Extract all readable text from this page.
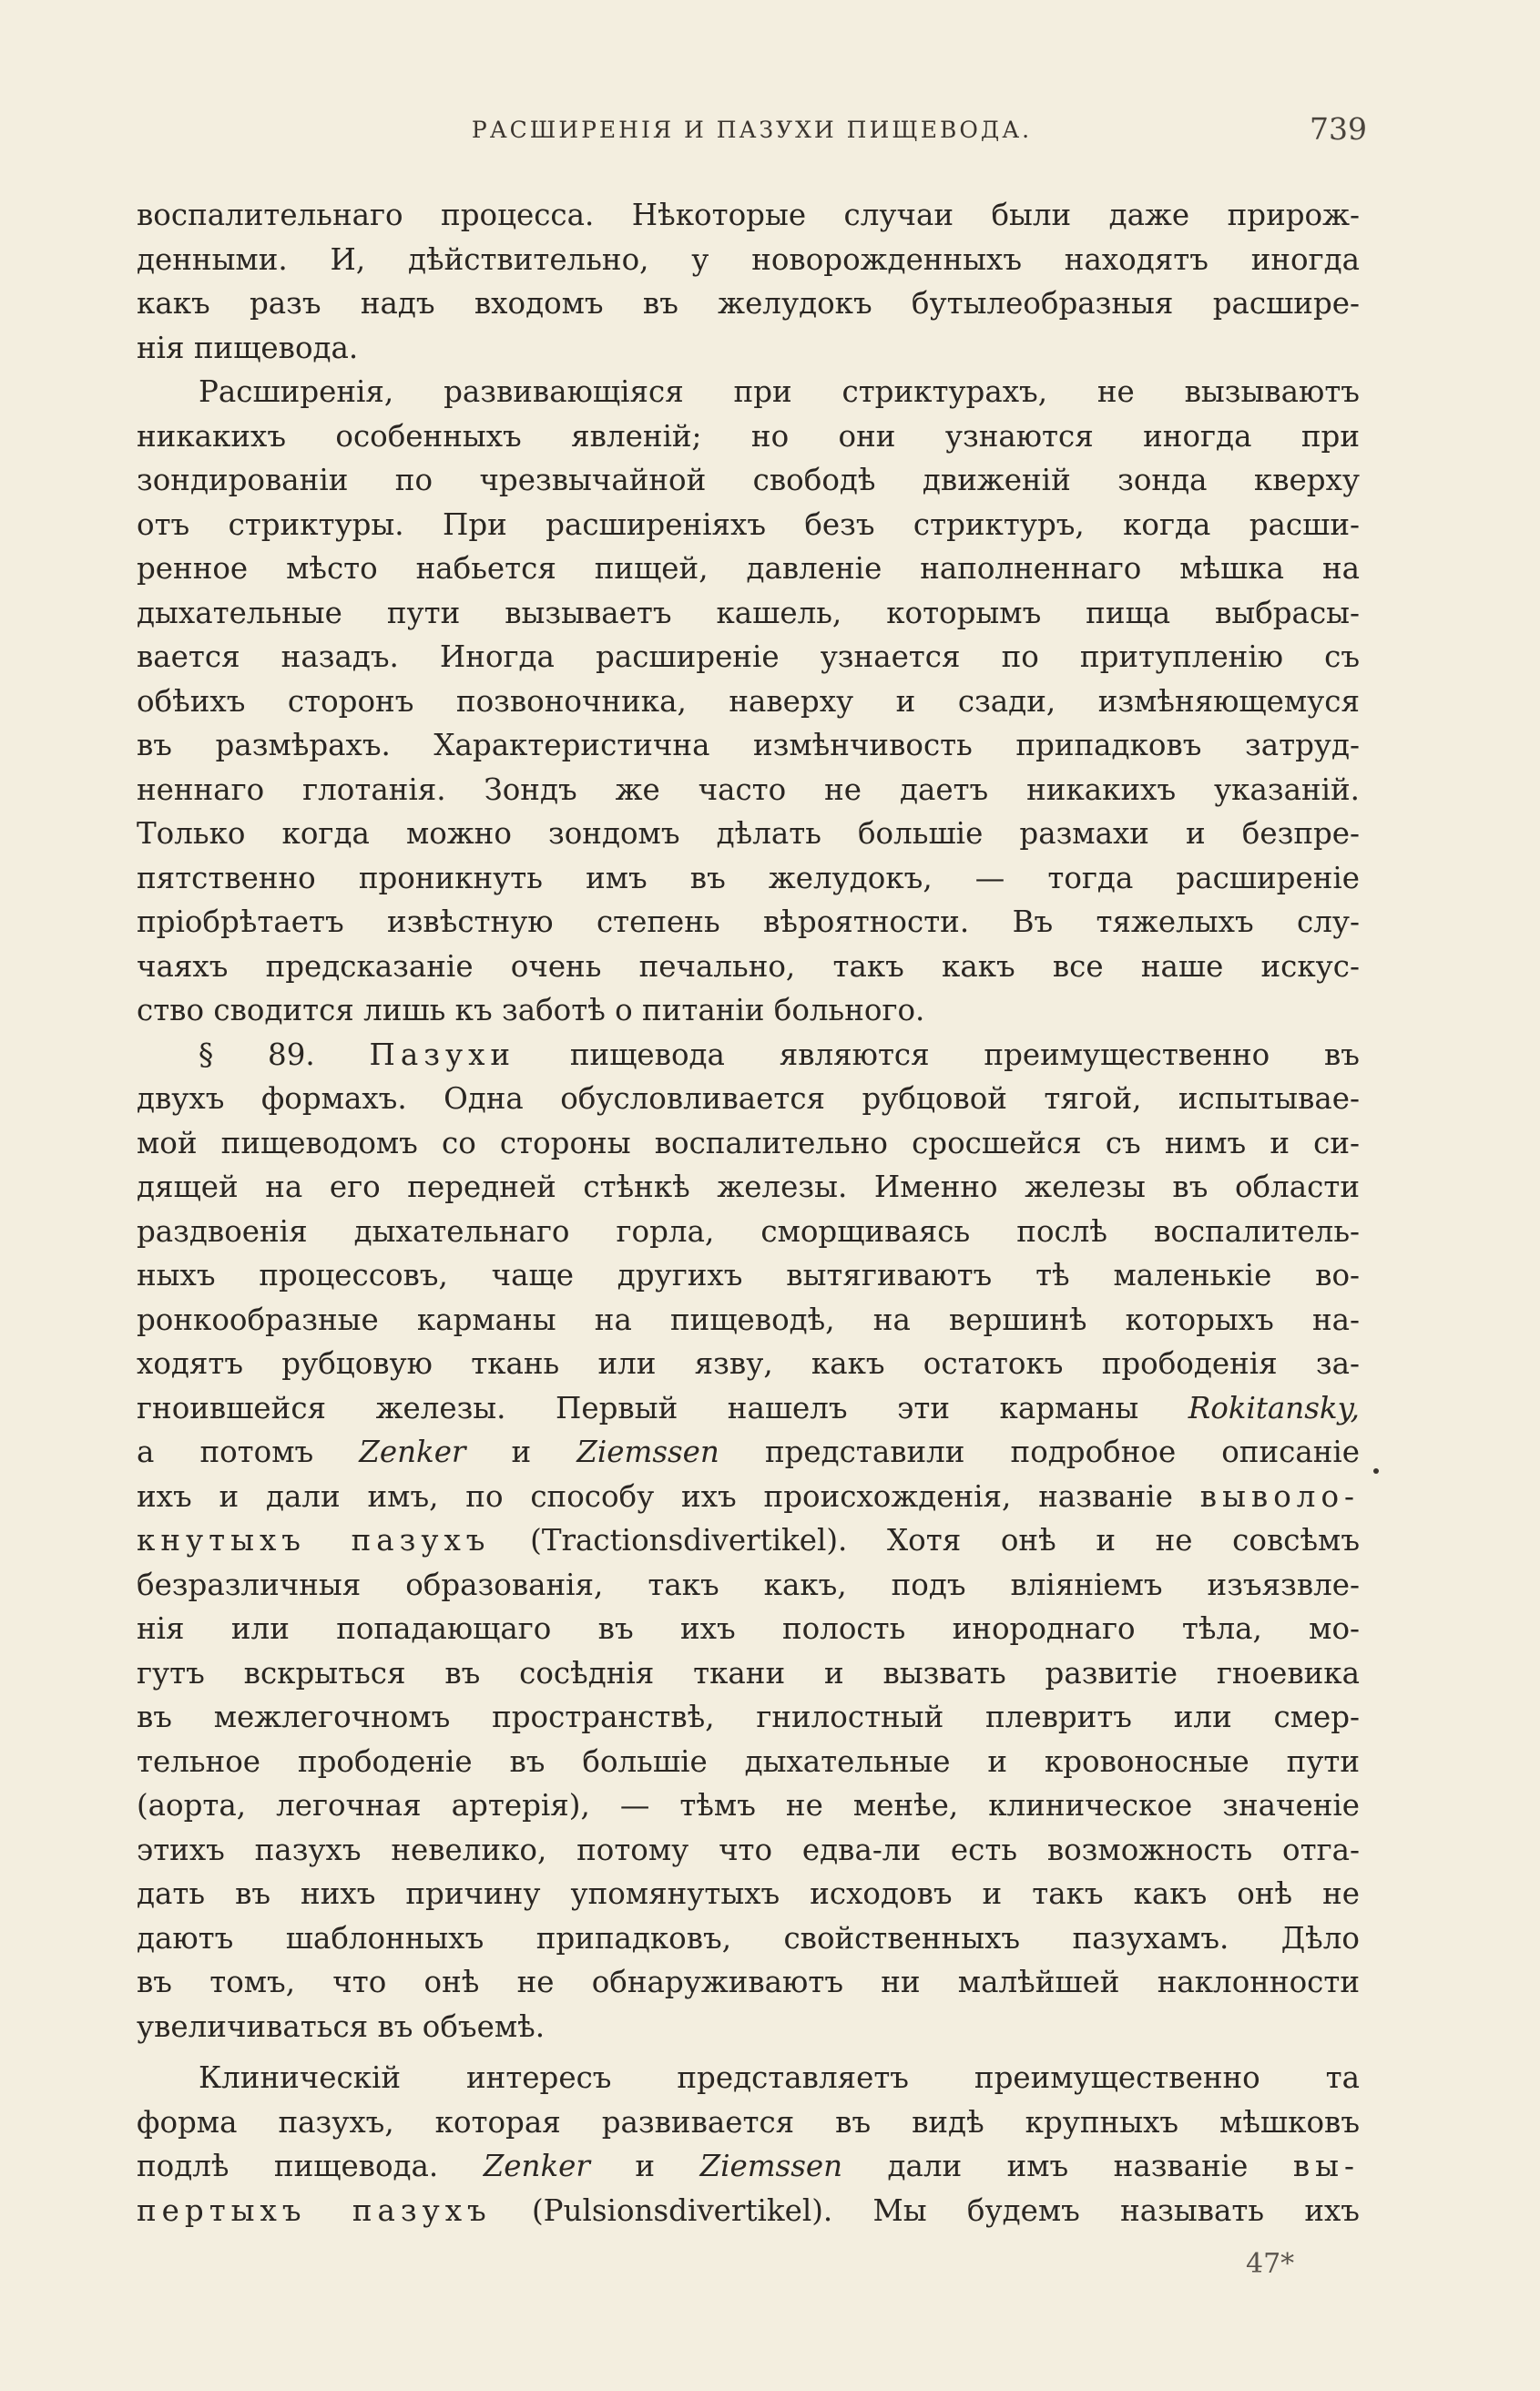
РАСШИРЕНІЯ И ПАЗУХИ ПИЩЕВОДА.	739

воспалительнаго процесса. Нѣкоторые случаи были даже прирож-
денными. И, дѣйствительно, у новорожденныхъ находятъ иногда
какъ разъ надъ входомъ въ желудокъ бутылеобразныя расшире-
нія пищевода.

Расширенія, развивающіяся при стриктурахъ, не вызываютъ
никакихъ особенныхъ явленій; но они узнаются иногда при
зондированіи по чрезвычайной свободѣ движеній зонда кверху
отъ стриктуры. При расширеніяхъ безъ стриктуръ, когда расши-
ренное мѣсто набьется пищей, давленіе наполненнаго мѣшка на
дыхательные пути вызываетъ кашель, которымъ пища выбрасы-
вается назадъ. Иногда расширеніе узнается по притупленію съ
обѣихъ сторонъ позвоночника, наверху и сзади, измѣняющемуся
въ размѣрахъ. Характеристична измѣнчивость припадковъ затруд-
неннаго глотанія. Зондъ же часто не даетъ никакихъ указаній.
Только когда можно зондомъ дѣлать большіе размахи и безпре-
пятственно проникнуть имъ въ желудокъ, — тогда расширеніе
пріобрѣтаетъ извѣстную степень вѣроятности. Въ тяжелыхъ слу-
чаяхъ предсказаніе очень печально, такъ какъ все наше искус-
ство сводится лишь къ заботѣ о питаніи больного.

§ 89. Пазухи пищевода являются преимущественно въ
двухъ формахъ. Одна обусловливается рубцовой тягой, испытывае-
мой пищеводомъ со стороны воспалительно сросшейся съ нимъ и си-
дящей на его передней стѣнкѣ железы. Именно железы въ области
раздвоенія дыхательнаго горла, сморщиваясь послѣ воспалитель-
ныхъ процессовъ, чаще другихъ вытягиваютъ тѣ маленькіе во-
ронкообразные карманы на пищеводѣ, на вершинѣ которыхъ на-
ходятъ рубцовую ткань или язву, какъ остатокъ прободенія за-
гноившейся железы. Первый нашелъ эти карманы Rokitansky,
а потомъ Zenker и Ziemssen представили подробное описаніе
ихъ и дали имъ, по способу ихъ происхожденія, названіе выволо-
кнутыхъ пазухъ (Tractionsdivertikel). Хотя онѣ и не совсѣмъ
безразличныя образованія, такъ какъ, подъ вліяніемъ изъязвле-
нія или попадающаго въ ихъ полость инороднаго тѣла, мо-
гутъ вскрыться въ сосѣднія ткани и вызвать развитіе гноевика
въ межлегочномъ пространствѣ, гнилостный плевритъ или смер-
тельное прободеніе въ большіе дыхательные и кровоносные пути
(аорта, легочная артерія), — тѣмъ не менѣе, клиническое значеніе
этихъ пазухъ невелико, потому что едва-ли есть возможность отга-
дать въ нихъ причину упомянутыхъ исходовъ и такъ какъ онѣ не
даютъ шаблонныхъ припадковъ, свойственныхъ пазухамъ. Дѣло
въ томъ, что онѣ не обнаруживаютъ ни малѣйшей наклонности
увеличиваться въ объемѣ.

Клиническій интересъ представляетъ преимущественно та
форма пазухъ, которая развивается въ видѣ крупныхъ мѣшковъ
подлѣ пищевода. Zenker и Ziemssen дали имъ названіе вы-
пертыхъ пазухъ (Pulsionsdivertikel). Мы будемъ называть ихъ

47*
